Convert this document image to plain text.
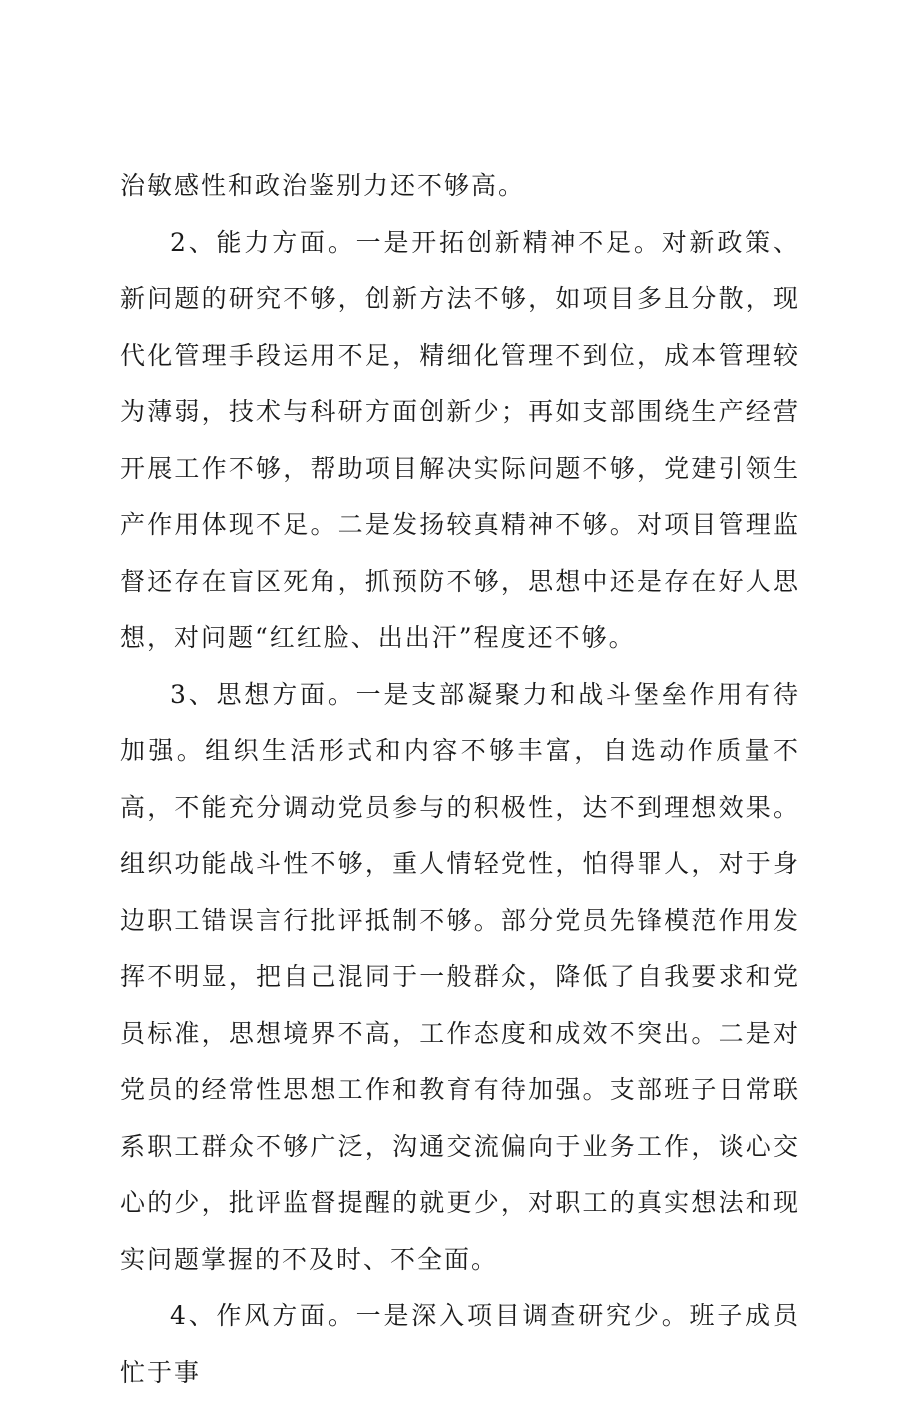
治敏感性和政治鉴别力还不够高。

2、能力方面。一是开拓创新精神不足。对新政策、新问题的研究不够，创新方法不够，如项目多且分散，现代化管理手段运用不足，精细化管理不到位，成本管理较为薄弱，技术与科研方面创新少；再如支部围绕生产经营开展工作不够，帮助项目解决实际问题不够，党建引领生产作用体现不足。二是发扬较真精神不够。对项目管理监督还存在盲区死角，抓预防不够，思想中还是存在好人思想，对问题“红红脸、出出汗”程度还不够。

3、思想方面。一是支部凝聚力和战斗堡垒作用有待加强。组织生活形式和内容不够丰富，自选动作质量不高，不能充分调动党员参与的积极性，达不到理想效果。组织功能战斗性不够，重人情轻党性，怕得罪人，对于身边职工错误言行批评抵制不够。部分党员先锋模范作用发挥不明显，把自己混同于一般群众，降低了自我要求和党员标准，思想境界不高，工作态度和成效不突出。二是对党员的经常性思想工作和教育有待加强。支部班子日常联系职工群众不够广泛，沟通交流偏向于业务工作，谈心交心的少，批评监督提醒的就更少，对职工的真实想法和现实问题掌握的不及时、不全面。

4、作风方面。一是深入项目调查研究少。班子成员忙于事
